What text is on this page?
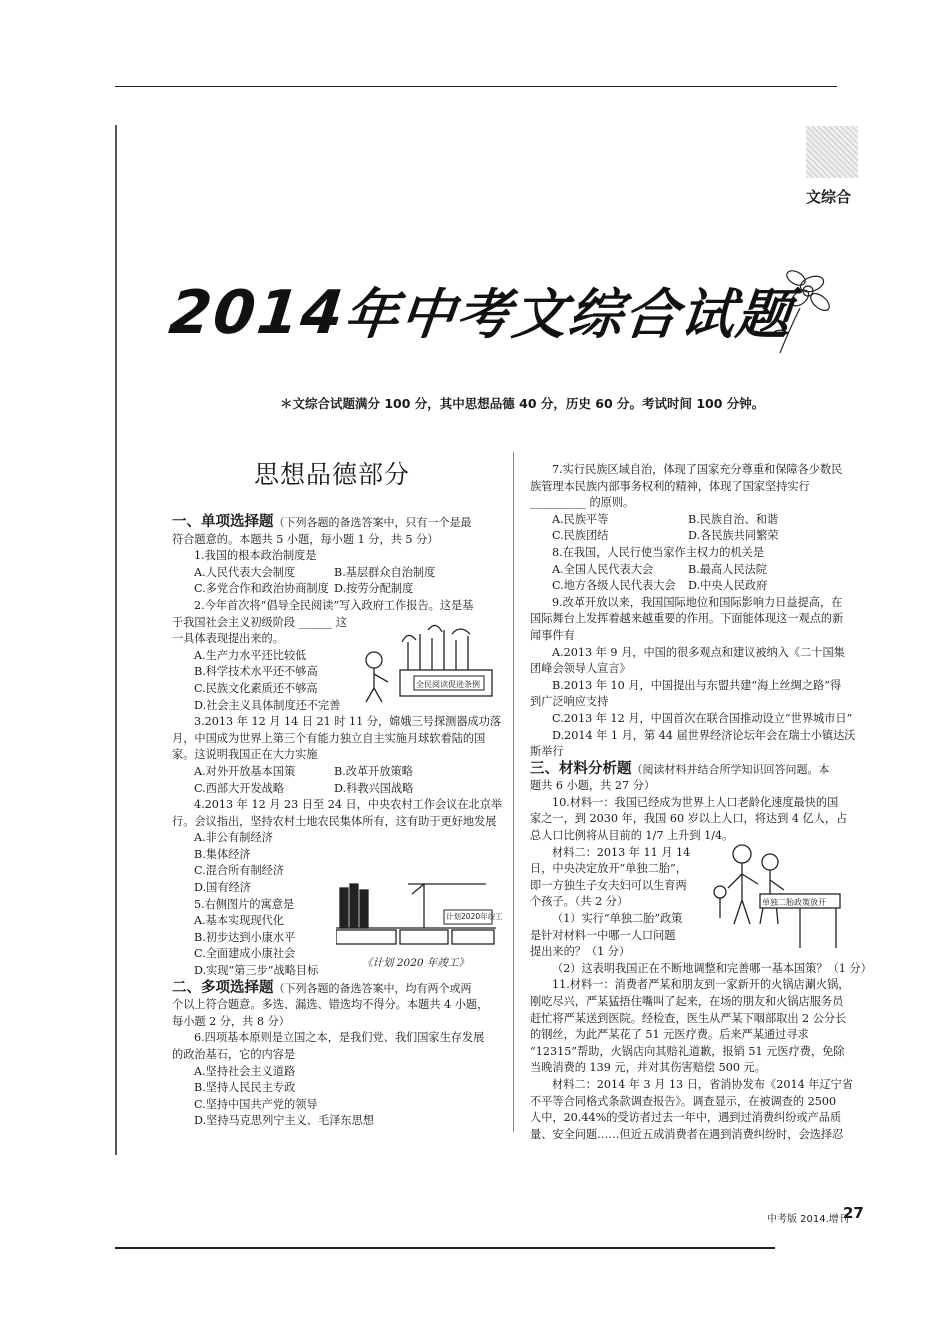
文综合
2014年中考文综合试题
＊文综合试题满分 100 分，其中思想品德 40 分，历史 60 分。考试时间 100 分钟。
思想品德部分

一、单项选择题（下列各题的备选答案中，只有一个是最

符合题意的。本题共 5 小题，每小题 1 分，共 5 分）

1.我国的根本政治制度是

A.人民代表大会制度	B.基层群众自治制度

C.多党合作和政治协商制度 D.按劳分配制度

2.今年首次将“倡导全民阅读”写入政府工作报告。这是基

于我国社会主义初级阶段 ______ 这

一具体表现提出来的。

A.生产力水平还比较低

B.科学技术水平还不够高

C.民族文化素质还不够高

D.社会主义具体制度还不完善

3.2013 年 12 月 14 日 21 时 11 分，嫦娥三号探测器成功落

月，中国成为世界上第三个有能力独立自主实施月球软着陆的国

家。这说明我国正在大力实施

A.对外开放基本国策	B.改革开放策略

C.西部大开发战略	D.科教兴国战略

4.2013 年 12 月 23 日至 24 日，中央农村工作会议在北京举

行。会议指出，坚持农村土地农民集体所有，这有助于更好地发展

A.非公有制经济

B.集体经济

C.混合所有制经济

D.国有经济

5.右侧图片的寓意是

A.基本实现现代化

B.初步达到小康水平

C.全面建成小康社会

D.实现“第三步”战略目标

二、多项选择题（下列各题的备选答案中，均有两个或两

个以上符合题意。多选、漏选、错选均不得分。本题共 4 小题，

每小题 2 分，共 8 分）

6.四项基本原则是立国之本，是我们党、我们国家生存发展

的政治基石，它的内容是

A.坚持社会主义道路

B.坚持人民民主专政

C.坚持中国共产党的领导

D.坚持马克思列宁主义、毛泽东思想

全民阅读促进条例
计划2020年竣工
《计划 2020 年竣工》

7.实行民族区域自治，体现了国家充分尊重和保障各少数民

族管理本民族内部事务权利的精神，体现了国家坚持实行

__________ 的原则。

A.民族平等	B.民族自治、和谐

C.民族团结	D.各民族共同繁荣

8.在我国，人民行使当家作主权力的机关是

A.全国人民代表大会	B.最高人民法院

C.地方各级人民代表大会 D.中央人民政府

9.改革开放以来，我国国际地位和国际影响力日益提高，在

国际舞台上发挥着越来越重要的作用。下面能体现这一观点的新

闻事件有

A.2013 年 9 月，中国的很多观点和建议被纳入《二十国集

团峰会领导人宣言》

B.2013 年 10 月，中国提出与东盟共建“海上丝绸之路”得

到广泛响应支持

C.2013 年 12 月，中国首次在联合国推动设立“世界城市日”

D.2014 年 1 月，第 44 届世界经济论坛年会在瑞士小镇达沃

斯举行

三、材料分析题（阅读材料并结合所学知识回答问题。本

题共 6 小题，共 27 分）

10.材料一：我国已经成为世界上人口老龄化速度最快的国

家之一，到 2030 年，我国 60 岁以上人口，将达到 4 亿人，占

总人口比例将从目前的 1/7 上升到 1/4。

材料二：2013 年 11 月 14

日，中央决定放开“单独二胎”，

即一方独生子女夫妇可以生育两

个孩子。（共 2 分）

（1）实行“单独二胎”政策

是针对材料一中哪一人口问题

提出来的？（1 分）

（2）这表明我国正在不断地调整和完善哪一基本国策？（1 分）

11.材料一：消费者严某和朋友到一家新开的火锅店涮火锅，

刚吃尽兴，严某猛捂住嘴叫了起来，在场的朋友和火锅店服务员

赶忙将严某送到医院。经检查，医生从严某下咽部取出 2 公分长

的钢丝，为此严某花了 51 元医疗费。后来严某通过寻求

“12315”帮助，火锅店向其赔礼道歉，报销 51 元医疗费，免除

当晚消费的 139 元，并对其伤害赔偿 500 元。

材料二：2014 年 3 月 13 日，省消协发布《2014 年辽宁省

不平等合同格式条款调查报告》。调查显示，在被调查的 2500

人中，20.44%的受访者过去一年中，遇到过消费纠纷或产品质

量、安全问题……但近五成消费者在遇到消费纠纷时，会选择忍

单独二胎政策放开
中考版 2014.增刊
27
